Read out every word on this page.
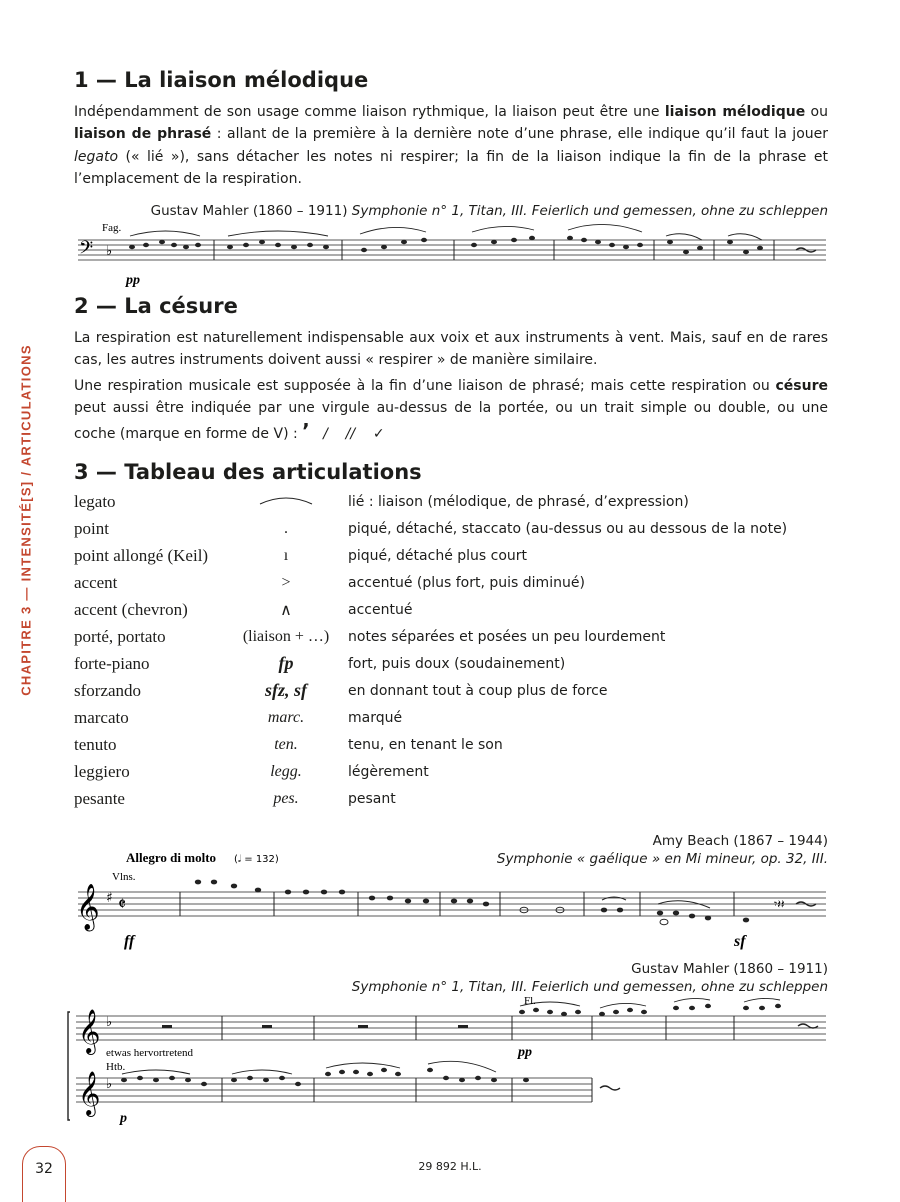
CHAPITRE 3 — INTENSITÉ[S] / ARTICULATIONS
1 — La liaison mélodique

Indépendamment de son usage comme liaison rythmique, la liaison peut être une liaison mélodique ou liaison de phrasé : allant de la première à la dernière note d’une phrase, elle indique qu’il faut la jouer legato (« lié »), sans détacher les notes ni respirer; la fin de la liaison indique la fin de la phrase et l’emplacement de la respiration.

Gustav Mahler (1860 – 1911) Symphonie n° 1, Titan, III. Feierlich und gemessen, ohne zu schleppen
Fag.
𝄢 ♭
pp
2 — La césure

La respiration est naturellement indispensable aux voix et aux instruments à vent. Mais, sauf en de rares cas, les autres instruments doivent aussi « respirer » de manière similaire.

Une respiration musicale est supposée à la fin d’une liaison de phrasé; mais cette respiration ou césure peut aussi être indiquée par une virgule au-dessus de la portée, ou un trait simple ou double, ou une coche (marque en forme de V) : ’ / // ✓

3 — Tableau des articulations
legato		lié : liaison (mélodique, de phrasé, d’expression)
point	.	piqué, détaché, staccato (au-dessus ou au dessous de la note)
point allongé (Keil)	ı	piqué, détaché plus court
accent	>	accentué (plus fort, puis diminué)
accent (chevron)	∧	accentué
porté, portato	(liaison + …)	notes séparées et posées un peu lourdement
forte-piano	fp	fort, puis doux (soudainement)
sforzando	sfz, sf	en donnant tout à coup plus de force
marcato	marc.	marqué
tenuto	ten.	tenu, en tenant le son
leggiero	legg.	légèrement
pesante	pes.	pesant
Amy Beach (1867 – 1944)
Symphonie « gaélique » en Mi mineur, op. 32, III.
Allegro di molto (𝅗𝅥 = 132)
Vlns.
𝄞 ♯ 𝄵	𝄾𝄽𝄽
ff	sf
Gustav Mahler (1860 – 1911)
Symphonie n° 1, Titan, III. Feierlich und gemessen, ohne zu schleppen
𝄞 ♭
𝄞 ♭
Fl.
pp
etwas hervortretend
Htb.
p
32	29 892 H.L.
